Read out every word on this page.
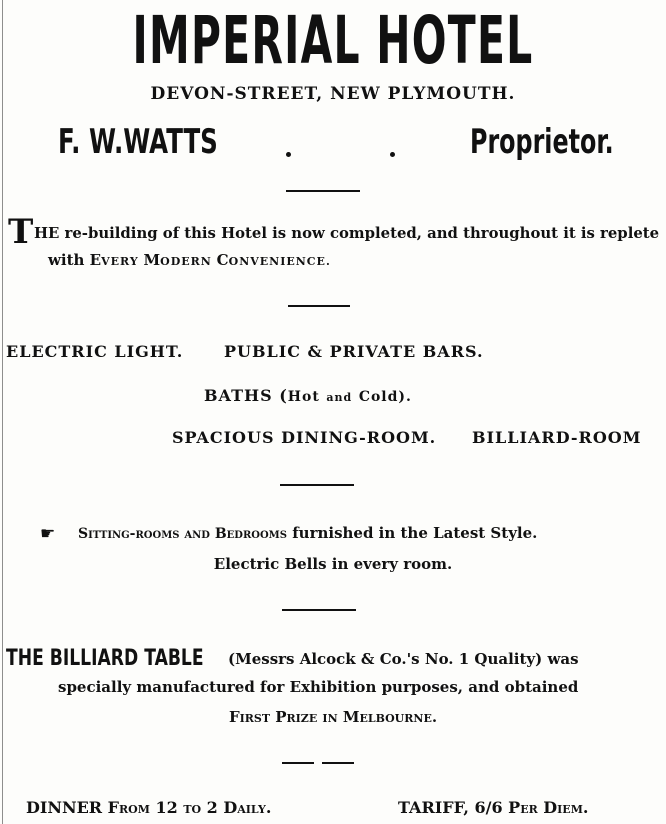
IMPERIAL HOTEL
DEVON-STREET, NEW PLYMOUTH.
F. W.WATTS	Proprietor.
T HE re-building of this Hotel is now completed, and throughout it is replete
with EVERY MODERN CONVENIENCE.
ELECTRIC LIGHT.	PUBLIC & PRIVATE BARS.
BATHS (Hot and Cold).
SPACIOUS DINING-ROOM. BILLIARD-ROOM
☛ Sitting-rooms and Bedrooms furnished in the Latest Style.
Electric Bells in every room.
THE BILLIARD TABLE (Messrs Alcock & Co.'s No. 1 Quality) was
specially manufactured for Exhibition purposes, and obtained
First Prize in Melbourne.
DINNER From 12 to 2 Daily.	TARIFF, 6/6 Per Diem.
